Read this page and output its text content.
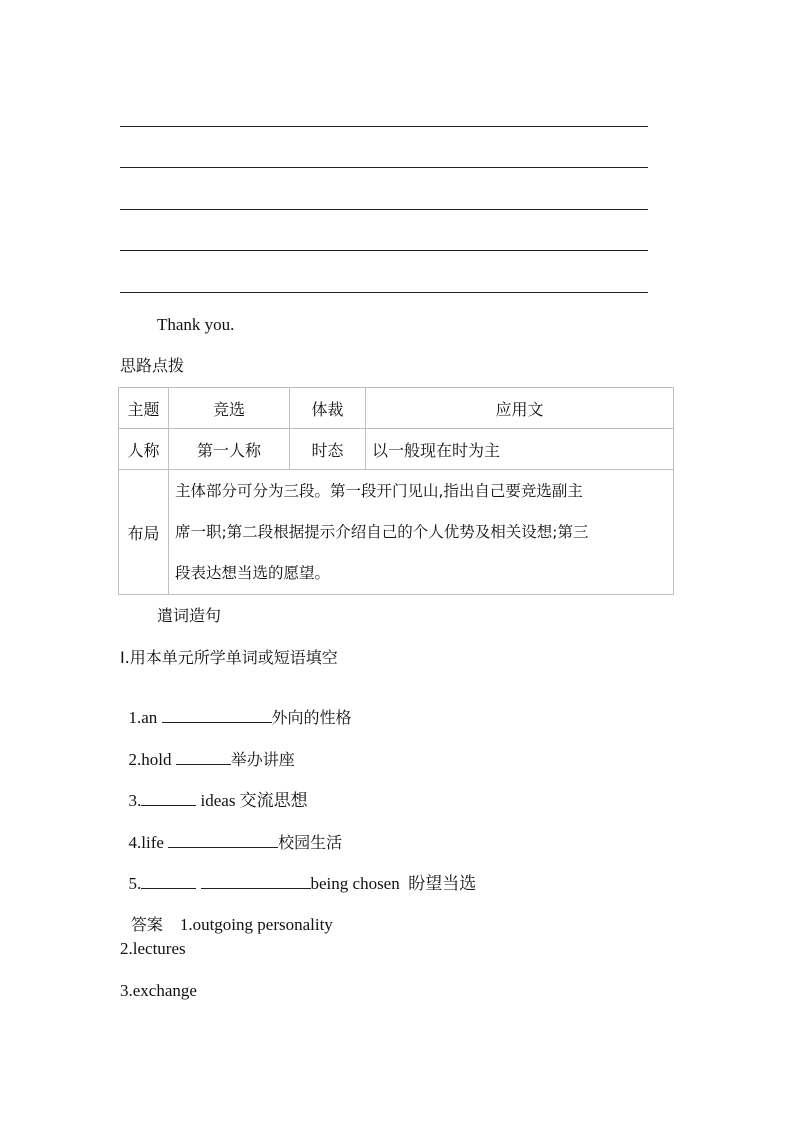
Thank you.
思路点拨
主题	竞选	体裁	应用文
人称	第一人称	时态	以一般现在时为主
布局	主体部分可分为三段。第一段开门见山,指出自己要竞选副主
席一职;第二段根据提示介绍自己的个人优势及相关设想;第三
段表达想当选的愿望。		
遣词造句
Ⅰ.用本单元所学单词或短语填空

1.an	外向的性格

2.hold	举办讲座

3.	ideas 交流思想

4.life	校园生活

5.	being chosen  盼望当选

答案 1.outgoing personality

2.lectures
3.exchange
